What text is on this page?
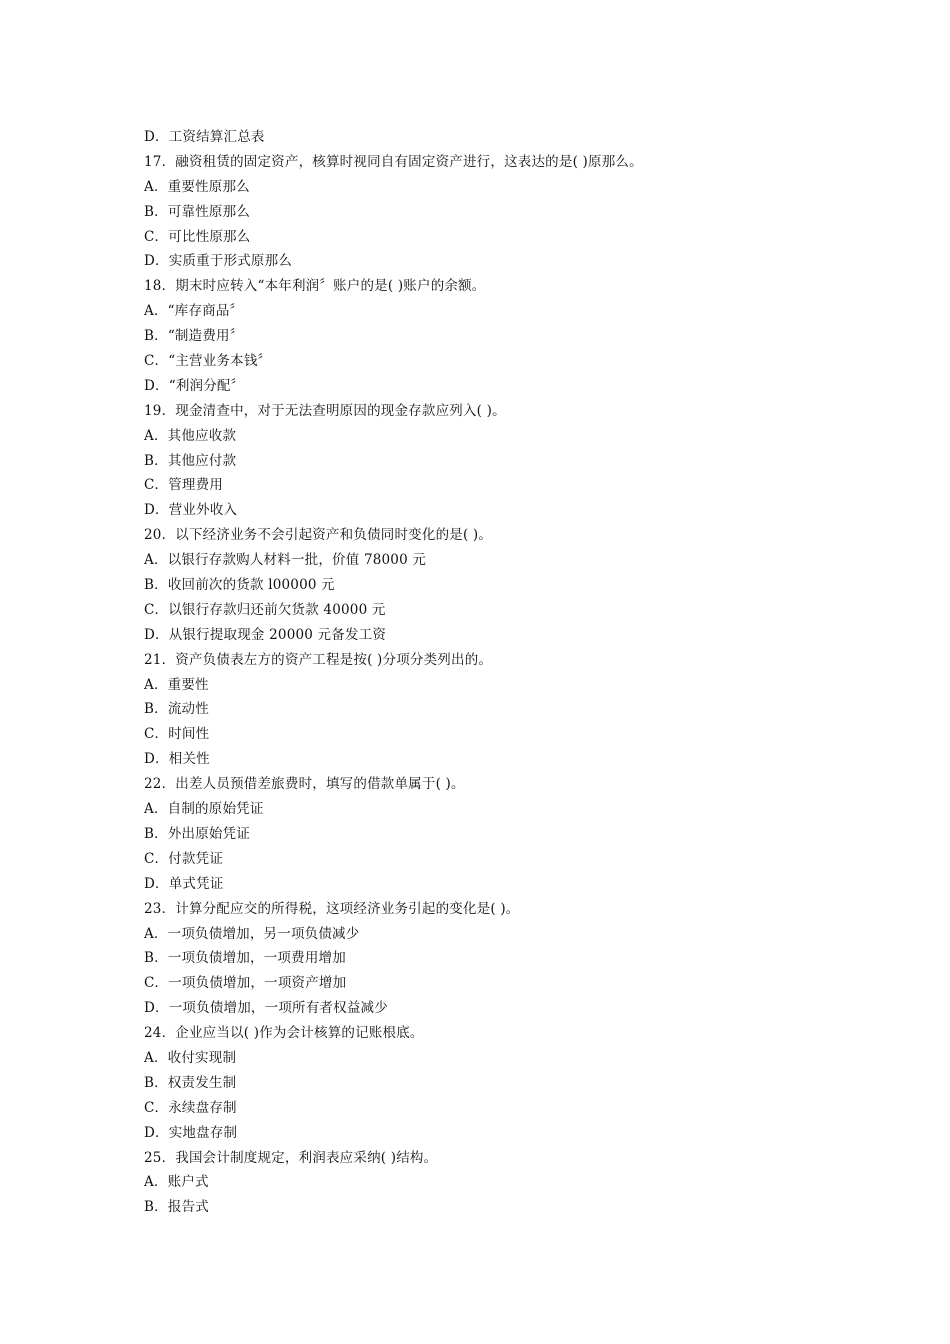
D．工资结算汇总表
17．融资租赁的固定资产，核算时视同自有固定资产进行，这表达的是( )原那么。
A．重要性原那么
B．可靠性原那么
C．可比性原那么
D．实质重于形式原那么
18．期末时应转入“本年利润〞账户的是( )账户的余额。
A．“库存商品〞
B．“制造费用〞
C．“主营业务本钱〞
D．“利润分配〞
19．现金清查中，对于无法查明原因的现金存款应列入( )。
A．其他应收款
B．其他应付款
C．管理费用
D．营业外收入
20．以下经济业务不会引起资产和负债同时变化的是( )。
A．以银行存款购人材料一批，价值 78000 元
B．收回前次的货款 l00000 元
C．以银行存款归还前欠货款 40000 元
D．从银行提取现金 20000 元备发工资
21．资产负债表左方的资产工程是按( )分项分类列出的。
A．重要性
B．流动性
C．时间性
D．相关性
22．出差人员预借差旅费时，填写的借款单属于( )。
A．自制的原始凭证
B．外出原始凭证
C．付款凭证
D．单式凭证
23．计算分配应交的所得税，这项经济业务引起的变化是( )。
A．一项负债增加，另一项负债减少
B．一项负债增加，一项费用增加
C．一项负债增加，一项资产增加
D．一项负债增加，一项所有者权益减少
24．企业应当以( )作为会计核算的记账根底。
A．收付实现制
B．权责发生制
C．永续盘存制
D．实地盘存制
25．我国会计制度规定，利润表应采纳( )结构。
A．账户式
B．报告式
